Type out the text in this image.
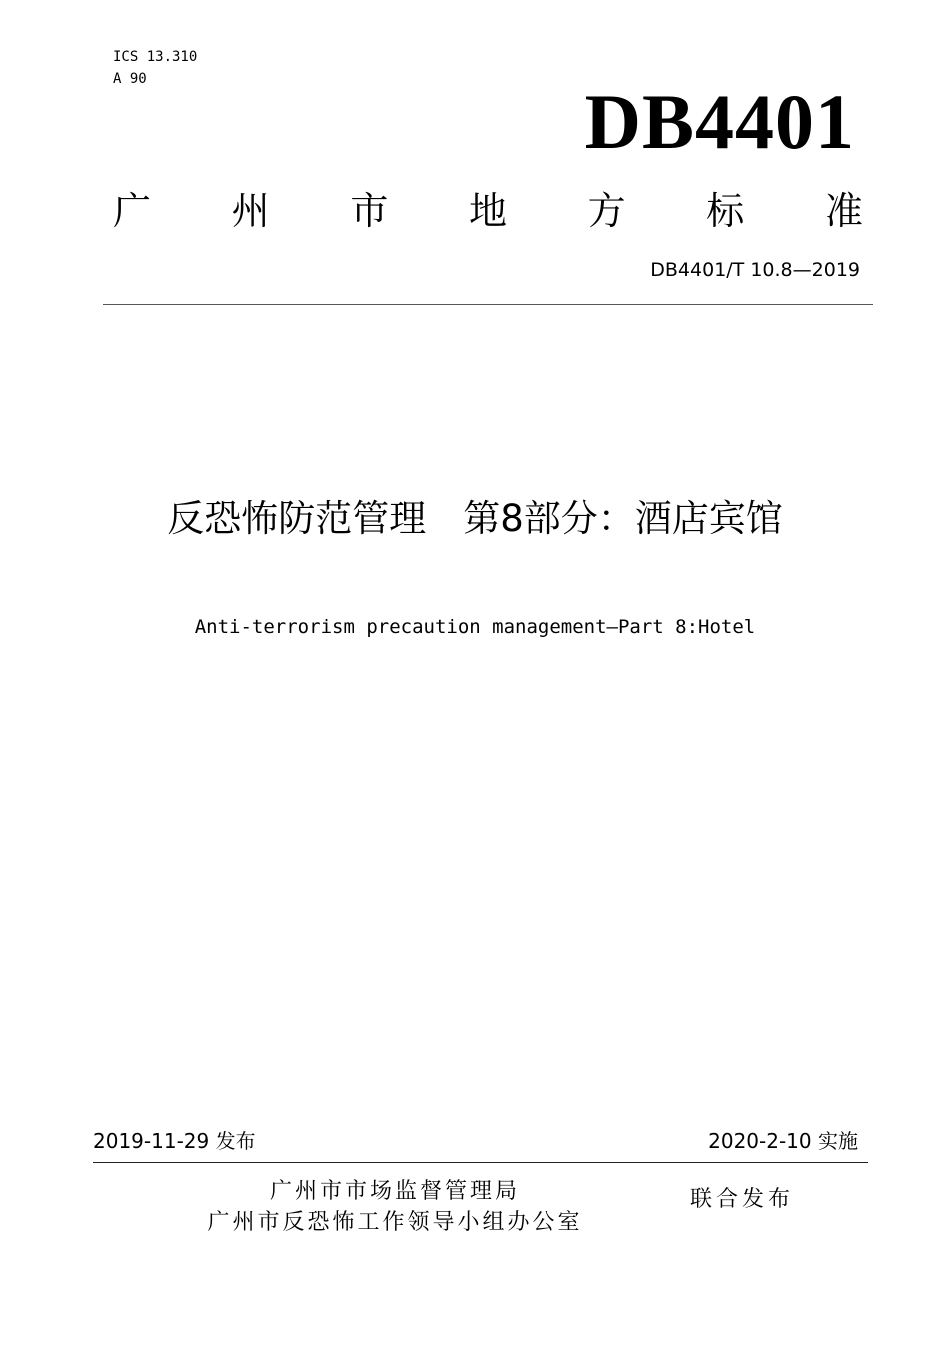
ICS 13.310
A 90	DB4401
广 州 市 地 方 标 准
DB4401/T 10.8—2019
反恐怖防范管理　第8部分：酒店宾馆
Anti-terrorism precaution management—Part 8:Hotel
2019-11-29 发布	2020-2-10 实施
广州市市场监督管理局
广州市反恐怖工作领导小组办公室
联合发布
